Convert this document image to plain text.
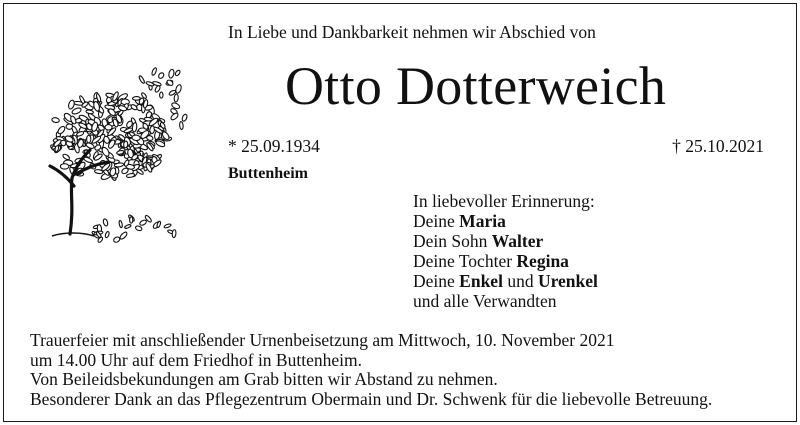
In Liebe und Dankbarkeit nehmen wir Abschied von
Otto Dotterweich
* 25.09.1934	† 25.10.2021
Buttenheim
In liebevoller Erinnerung:
Deine Maria
Dein Sohn Walter
Deine Tochter Regina
Deine Enkel und Urenkel
und alle Verwandten
Trauerfeier mit anschließender Urnenbeisetzung am Mittwoch, 10. November 2021
um 14.00 Uhr auf dem Friedhof in Buttenheim.
Von Beileidsbekundungen am Grab bitten wir Abstand zu nehmen.
Besonderer Dank an das Pflegezentrum Obermain und Dr. Schwenk für die liebevolle Betreuung.
